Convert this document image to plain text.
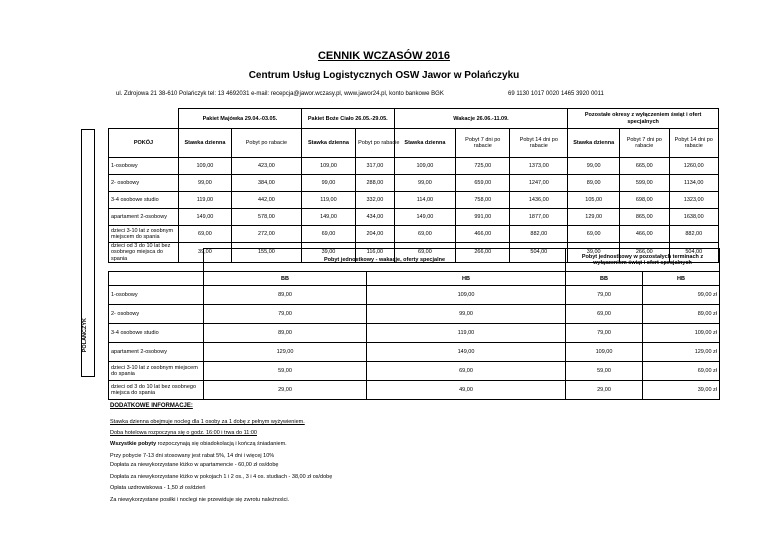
CENNIK WCZASÓW 2016
Centrum Usług Logistycznych OSW Jawor w Polańczyku
ul. Zdrojowa 21 38-610 Polańczyk tel: 13 4692031 e-mail: recepcja@jawor.wczasy.pl, www.jawor24.pl, konto bankowe BGK	69 1130 1017 0020 1465 3920 0011
POLAŃCZYK
	Pakiet Majówka 29.04.-03.05.		Pakiet Boże Ciało 26.05.-29.05.		Wakacje 26.06.-11.09.			Pozostałe okresy z wyłączeniem świąt i ofert specjalnych		
POKÓJ	Stawka dzienna	Pobyt po rabacie	Stawka dzienna	Pobyt po rabacie	Stawka dzienna	Pobyt 7 dni po rabacie	Pobyt 14 dni po rabacie	Stawka dzienna	Pobyt 7 dni po rabacie	Pobyt 14 dni po rabacie
1-osobowy	109,00	423,00	109,00	317,00	109,00	725,00	1373,00	99,00	665,00	1260,00
2- osobowy	99,00	384,00	99,00	288,00	99,00	659,00	1247,00	89,00	599,00	1134,00
3-4 osobowe studio	119,00	442,00	119,00	332,00	114,00	758,00	1436,00	105,00	698,00	1323,00
apartament 2-osobowy	149,00	578,00	149,00	434,00	149,00	991,00	1877,00	129,00	865,00	1638,00
dzieci 3-10 lat z osobnym miejscem do spania	69,00	272,00	69,00	204,00	69,00	466,00	882,00	69,00	466,00	882,00
dzieci od 3 do 10 lat bez osobnego miejsca do spania	39,00	155,00	39,00	116,00	69,00	266,00	504,00	39,00	266,00	504,00
	Pobyt jednostkowy - wakacje, oferty specjalne		Pobyt jednostkowy w pozostałych terminach z wyłączeniem świąt i ofert specjalnych	
	BB	HB	BB	HB
1-osobowy	89,00	109,00	79,00	99,00 zł
2- osobowy	79,00	99,00	69,00	89,00 zł
3-4 osobowe studio	89,00	119,00	79,00	109,00 zł
apartament 2-osobowy	129,00	149,00	109,00	129,00 zł
dzieci 3-10 lat z osobnym miejscem do spania	59,00	69,00	59,00	69,00 zł
dzieci od 3 do 10 lat bez osobnego miejsca do spania	29,00	49,00	29,00	39,00 zł
DODATKOWE INFORMACJE:
Stawka dzienna obejmuje nocleg dla 1 osoby za 1 dobę z pełnym wyżywieniem.
Doba hotelowa rozpoczyna się o godz. 16:00 i trwa do 11:00
Wszystkie pobyty rozpoczynają się obiadokolacją i kończą śniadaniem.
Przy pobycie 7-13 dni stosowany jest rabat 5%, 14 dni i więcej 10%
Dopłata za niewykorzystane łóżko w apartamencie - 60,00 zł os/dobę
Dopłata za niewykorzystane łóżko w pokojach 1 i 2 os., 3 i 4 os. studiach - 38,00 zł os/dobę
Opłata uzdrowiskowa - 1,50 zł os/dzień
Za niewykorzystane posiłki i noclegi nie przewiduje się zwrotu należności.
